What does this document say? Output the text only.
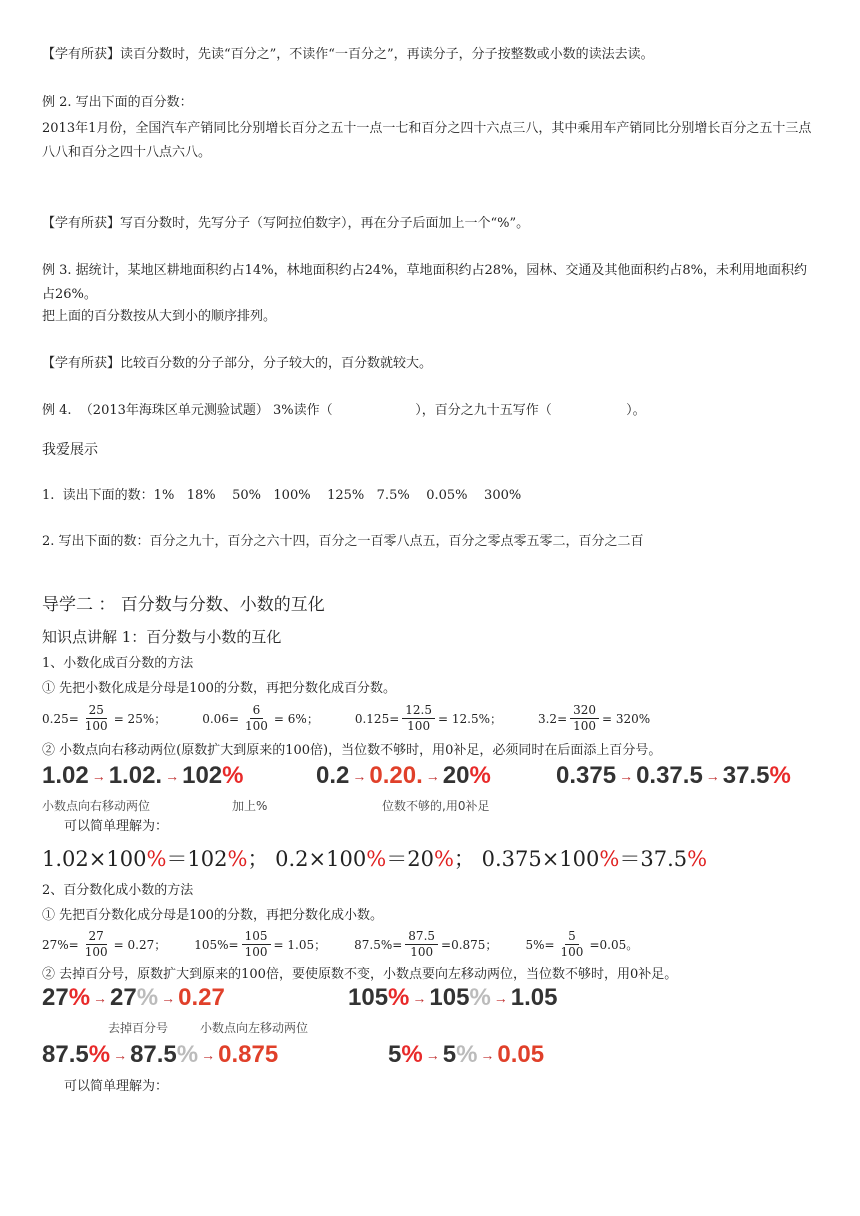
【学有所获】读百分数时，先读“百分之”，不读作“一百分之”，再读分子，分子按整数或小数的读法去读。
例 2. 写出下面的百分数：
2013年1月份，全国汽车产销同比分别增长百分之五十一点一七和百分之四十六点三八，其中乘用车产销同比分别增长百分之五十三点八八和百分之四十八点六八。
【学有所获】写百分数时，先写分子（写阿拉伯数字），再在分子后面加上一个“%”。
例 3. 据统计，某地区耕地面积约占14%，林地面积约占24%，草地面积约占28%，园林、交通及其他面积约占8%，未利用地面积约占26%。
把上面的百分数按从大到小的顺序排列。
【学有所获】比较百分数的分子部分，分子较大的，百分数就较大。
例 4.  （2013年海珠区单元测验试题） 3%读作（                    ），百分之九十五写作（                  ）。
我爱展示
1.  读出下面的数：1%   18%    50%   100%    125%   7.5%    0.05%    300%
2. 写出下面的数：百分之九十，百分之六十四，百分之一百零八点五，百分之零点零五零二，百分之二百
导学二 ： 百分数与分数、小数的互化
知识点讲解 1：百分数与小数的互化
1、小数化成百分数的方法
① 先把小数化成是分母是100的分数，再把分数化成百分数。
$0.25= \frac{25}{100} = 25\%$；	$0.06= \frac{6}{100} = 6\%$；	$0.125= \frac{12.5}{100} = 12.5\%$；	$3.2= \frac{320}{100} = 320\%$
② 小数点向右移动两位(原数扩大到原来的100倍)，当位数不够时，用0补足，必须同时在后面添上百分号。
1.02 → 1.02. → 102 %	0.2 → 0.20. → 20 %	0.375 → 0.37.5 → 37.5 %
小数点向右移动两位	加上%	位数不够的,用0补足
可以简单理解为：
1.02×100%＝102%； 0.2×100%＝20%； 0.375×100%＝37.5%
2、百分数化成小数的方法
① 先把百分数化成分母是100的分数，再把分数化成小数。
$27\%= \frac{27}{100} = 0.27$； $105\%= \frac{105}{100} = 1.05$； $87.5\%= \frac{87.5}{100} =0.875$； $5\%= \frac{5}{100} =0.05$。
② 去掉百分号，原数扩大到原来的100倍，要使原数不变，小数点要向左移动两位，当位数不够时，用0补足。
27 % → 27 % → 0.27	105 % → 105 % → 1.05
去掉百分号	小数点向左移动两位
87.5 % → 87.5 % → 0.875	5 % → 5 % → 0.05
可以简单理解为：
